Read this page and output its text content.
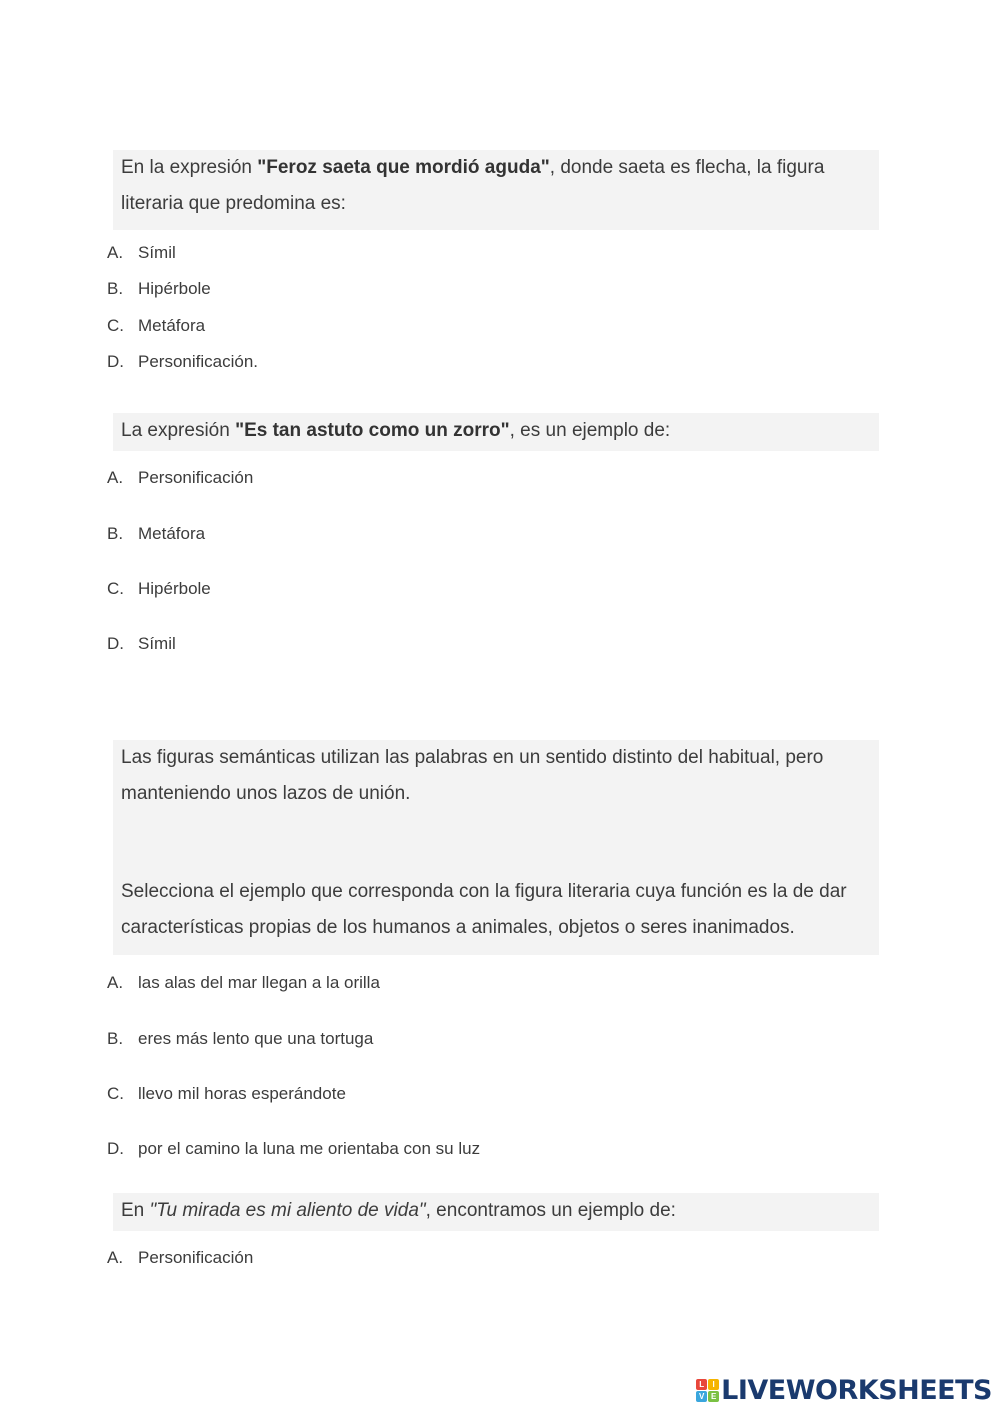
En la expresión "Feroz saeta que mordió aguda", donde saeta es flecha, la figura literaria que predomina es:
A. Símil
B. Hipérbole
C. Metáfora
D. Personificación.
La expresión "Es tan astuto como un zorro", es un ejemplo de:
A. Personificación
B. Metáfora
C. Hipérbole
D. Símil
Las figuras semánticas utilizan las palabras en un sentido distinto del habitual, pero manteniendo unos lazos de unión.
Selecciona el ejemplo que corresponda con la figura literaria cuya función es la de dar características propias de los humanos a animales, objetos o seres inanimados.
A. las alas del mar llegan a la orilla
B. eres más lento que una tortuga
C. llevo mil horas esperándote
D. por el camino la luna me orientaba con su luz
En "Tu mirada es mi aliento de vida", encontramos un ejemplo de:
A. Personificación
L	I
V E LIVEWORKSHEETS
